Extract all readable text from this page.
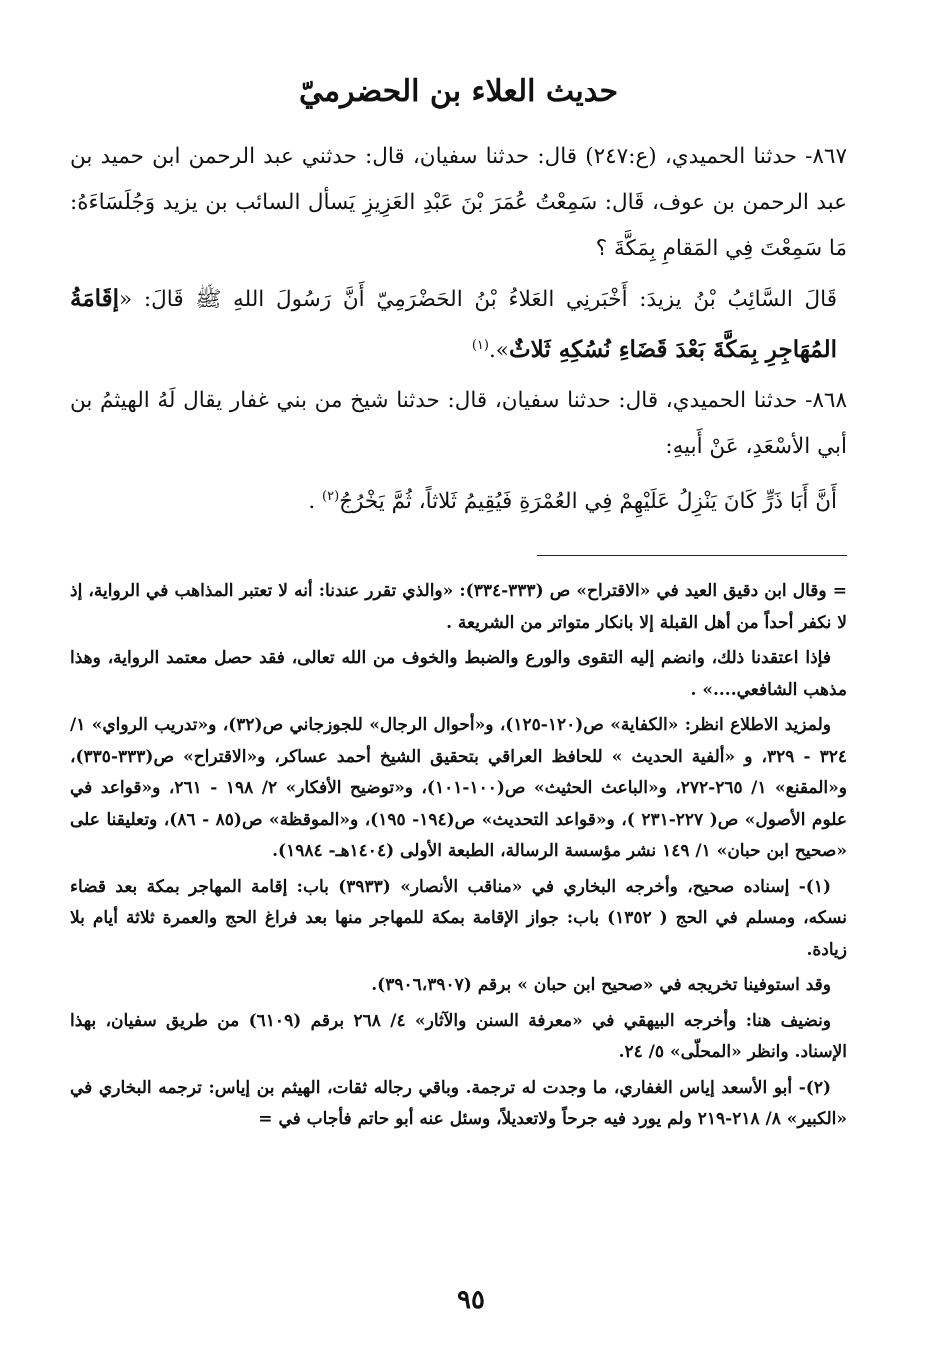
حديث العلاء بن الحضرميّ

٨٦٧- حدثنا الحميدي، (ع:٢٤٧) قال: حدثنا سفيان، قال: حدثني عبد الرحمن ابن حميد بن عبد الرحمن بن عوف، قَال: سَمِعْتُ عُمَرَ بْنَ عَبْدِ العَزِيزِ يَسأل السائب بن يزيد وَجُلَسَاءَهُ: مَا سَمِعْتَ فِي المَقامِ بِمَكَّةَ ؟

قَالَ السَّائِبُ بْنُ يزيدَ: أَخْبَرنِي العَلاءُ بْنُ الحَضْرَمِيّ أَنَّ رَسُولَ اللهِ ﷺ قَالَ: «إقَامَةُ المُهَاجِرِ بِمَكَّةَ بَعْدَ قَضَاءِ نُسُكِهِ ثَلاثٌ».$^{(١)}$

٨٦٨- حدثنا الحميدي، قال: حدثنا سفيان، قال: حدثنا شيخ من بني غفار يقال لَهُ الهيثمُ بن أبي الأسْعَدِ، عَنْ أَبيهِ:

أَنَّ أَبَا ذَرٍّ كَانَ يَنْزِلُ عَلَيْهِمْ فِي العُمْرَةِ فَيُقِيمُ ثَلاثاً، ثُمَّ يَخْرُجُ$^{(٢)}$ .

= وقال ابن دقيق العيد في «الاقتراح» ص (٣٣٣-٣٣٤): «والذي تقرر عندنا: أنه لا تعتبر المذاهب في الرواية، إذ لا نكفر أحداً من أهل القبلة إلا بانكار متواتر من الشريعة .

فإذا اعتقدنا ذلك، وانضم إليه التقوى والورع والضبط والخوف من الله تعالى، فقد حصل معتمد الرواية، وهذا مذهب الشافعي....» .

ولمزيد الاطلاع انظر: «الكفاية» ص(١٢٠-١٢٥)، و«أحوال الرجال» للجوزجاني ص(٣٢)، و«تدريب الرواي» ١/ ٣٢٤ - ٣٢٩، و «ألفية الحديث » للحافظ العراقي بتحقيق الشيخ أحمد عساكر، و«الاقتراح» ص(٣٣٣-٣٣٥)، و«المقنع» ١/ ٢٦٥-٢٧٢، و«الباعث الحثيث» ص(١٠٠-١٠١)، و«توضيح الأفكار» ٢/ ١٩٨ - ٢٦١، و«قواعد في علوم الأصول» ص( ٢٢٧-٢٣١ )، و«قواعد التحديث» ص(١٩٤- ١٩٥)، و«الموقظة» ص(٨٥ - ٨٦)، وتعليقنا على «صحيح ابن حبان» ١/ ١٤٩ نشر مؤسسة الرسالة، الطبعة الأولى (١٤٠٤هـ- ١٩٨٤).

(١)- إسناده صحيح، وأخرجه البخاري في «مناقب الأنصار» (٣٩٣٣) باب: إقامة المهاجر بمكة بعد قضاء نسكه، ومسلم في الحج ( ١٣٥٢) باب: جواز الإقامة بمكة للمهاجر منها بعد فراغ الحج والعمرة ثلاثة أيام بلا زيادة.

وقد استوفينا تخريجه في «صحيح ابن حبان » برقم (٣٩٠٦،٣٩٠٧).

ونضيف هنا: وأخرجه البيهقي في «معرفة السنن والآثار» ٤/ ٢٦٨ برقم (٦١٠٩) من طريق سفيان، بهذا الإسناد. وانظر «المحلّى» ٥/ ٢٤.

(٢)- أبو الأسعد إياس الغفاري، ما وجدت له ترجمة. وباقي رجاله ثقات، الهيثم بن إياس: ترجمه البخاري في «الكبير» ٨/ ٢١٨-٢١٩ ولم يورد فيه جرحاً ولاتعديلاً، وسئل عنه أبو حاتم فأجاب في =

٩٥
